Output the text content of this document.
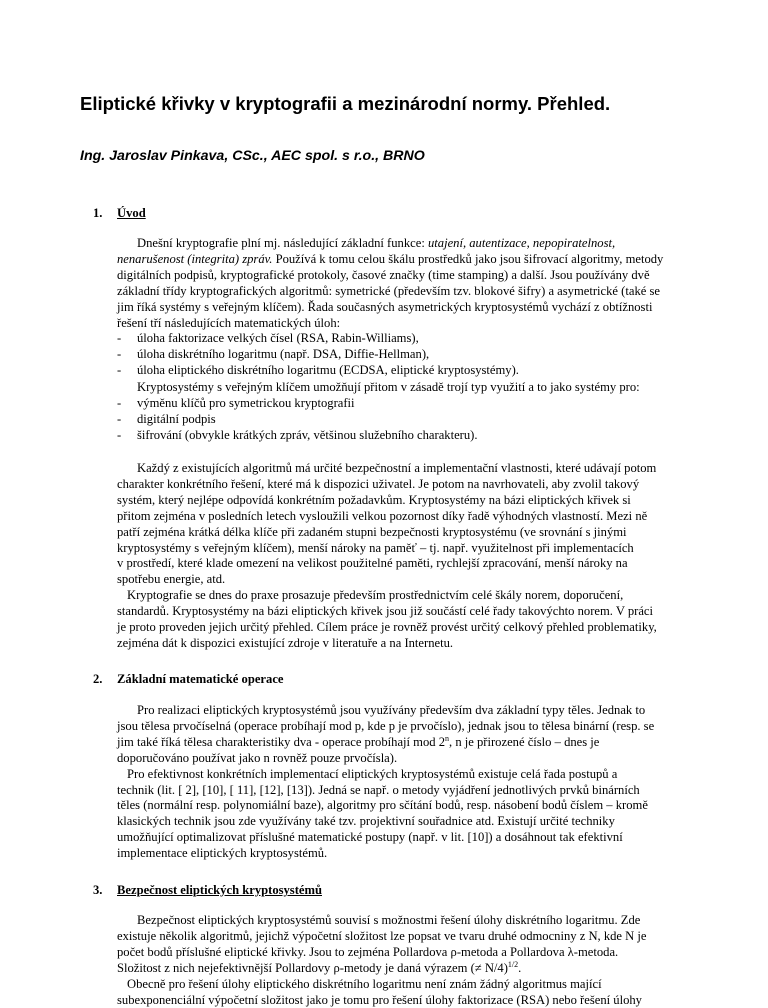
Eliptické křivky v kryptografii a mezinárodní normy. Přehled.
Ing. Jaroslav Pinkava, CSc., AEC spol. s r.o., BRNO
1. Úvod
Dnešní kryptografie plní mj. následující základní funkce: utajení, autentizace, nepopiratelnost,
nenarušenost (integrita) zpráv. Používá k tomu celou škálu prostředků jako jsou šifrovací algoritmy, metody
digitálních podpisů, kryptografické protokoly, časové značky (time stamping) a další. Jsou používány dvě
základní třídy kryptografických algoritmů: symetrické (především tzv. blokové šifry) a asymetrické (také se
jim říká systémy s veřejným klíčem). Řada současných asymetrických kryptosystémů vychází z obtížnosti
řešení tří následujících matematických úloh:
- úloha faktorizace velkých čísel (RSA, Rabin-Williams),
- úloha diskrétního logaritmu (např. DSA, Diffie-Hellman),
- úloha eliptického diskrétního logaritmu (ECDSA, eliptické kryptosystémy).
Kryptosystémy s veřejným klíčem umožňují přitom v zásadě trojí typ využití a to jako systémy pro:
- výměnu klíčů pro symetrickou kryptografii
- digitální podpis
- šifrování (obvykle krátkých zpráv, většinou služebního charakteru).
Každý z existujících algoritmů má určité bezpečnostní a implementační vlastnosti, které udávají potom
charakter konkrétního řešení, které má k dispozici uživatel. Je potom na navrhovateli, aby zvolil takový
systém, který nejlépe odpovídá konkrétním požadavkům. Kryptosystémy na bázi eliptických křivek si
přitom zejména v posledních letech vysloužili velkou pozornost díky řadě výhodných vlastností. Mezi ně
patří zejména krátká délka klíče při zadaném stupni bezpečnosti kryptosystému (ve srovnání s jinými
kryptosystémy s veřejným klíčem), menší nároky na paměť – tj. např. využitelnost při implementacích
v prostředí, které klade omezení na velikost použitelné paměti, rychlejší zpracování, menší nároky na
spotřebu energie, atd.
Kryptografie se dnes do praxe prosazuje především prostřednictvím celé škály norem, doporučení,
standardů. Kryptosystémy na bázi eliptických křivek jsou již součástí celé řady takovýchto norem. V práci
je proto proveden jejich určitý přehled. Cílem práce je rovněž provést určitý celkový přehled problematiky,
zejména dát k dispozici existující zdroje v literatuře a na Internetu.
2. Základní matematické operace
Pro realizaci eliptických kryptosystémů jsou využívány především dva základní typy těles. Jednak to
jsou tělesa prvočíselná (operace probíhají mod p, kde p je prvočíslo), jednak jsou to tělesa binární (resp. se
jim také říká tělesa charakteristiky dva - operace probíhají mod 2$^n$, n je přirozené číslo – dnes je
doporučováno používat jako n rovněž pouze prvočísla).
Pro efektivnost konkrétních implementací eliptických kryptosystémů existuje celá řada postupů a
technik (lit. [ 2], [10], [ 11], [12], [13]). Jedná se např. o metody vyjádření jednotlivých prvků binárních
těles (normální resp. polynomiální baze), algoritmy pro sčítání bodů, resp. násobení bodů číslem – kromě
klasických technik jsou zde využívány také tzv. projektivní souřadnice atd. Existují určité techniky
umožňující optimalizovat příslušné matematické postupy (např. v lit. [10]) a dosáhnout tak efektivní
implementace eliptických kryptosystémů.
3. Bezpečnost eliptických kryptosystémů
Bezpečnost eliptických kryptosystémů souvisí s možnostmi řešení úlohy diskrétního logaritmu. Zde
existuje několik algoritmů, jejichž výpočetní složitost lze popsat ve tvaru druhé odmocniny z N, kde N je
počet bodů příslušné eliptické křivky. Jsou to zejména Pollardova ρ-metoda a Pollardova λ-metoda.
Složitost z nich nejefektivnější Pollardovy ρ-metody je daná výrazem (≠ N/4)$^{1/2}$.
Obecně pro řešení úlohy eliptického diskrétního logaritmu není znám žádný algoritmus mající
subexponenciální výpočetní složitost jako je tomu pro řešení úlohy faktorizace (RSA) nebo řešení úlohy
